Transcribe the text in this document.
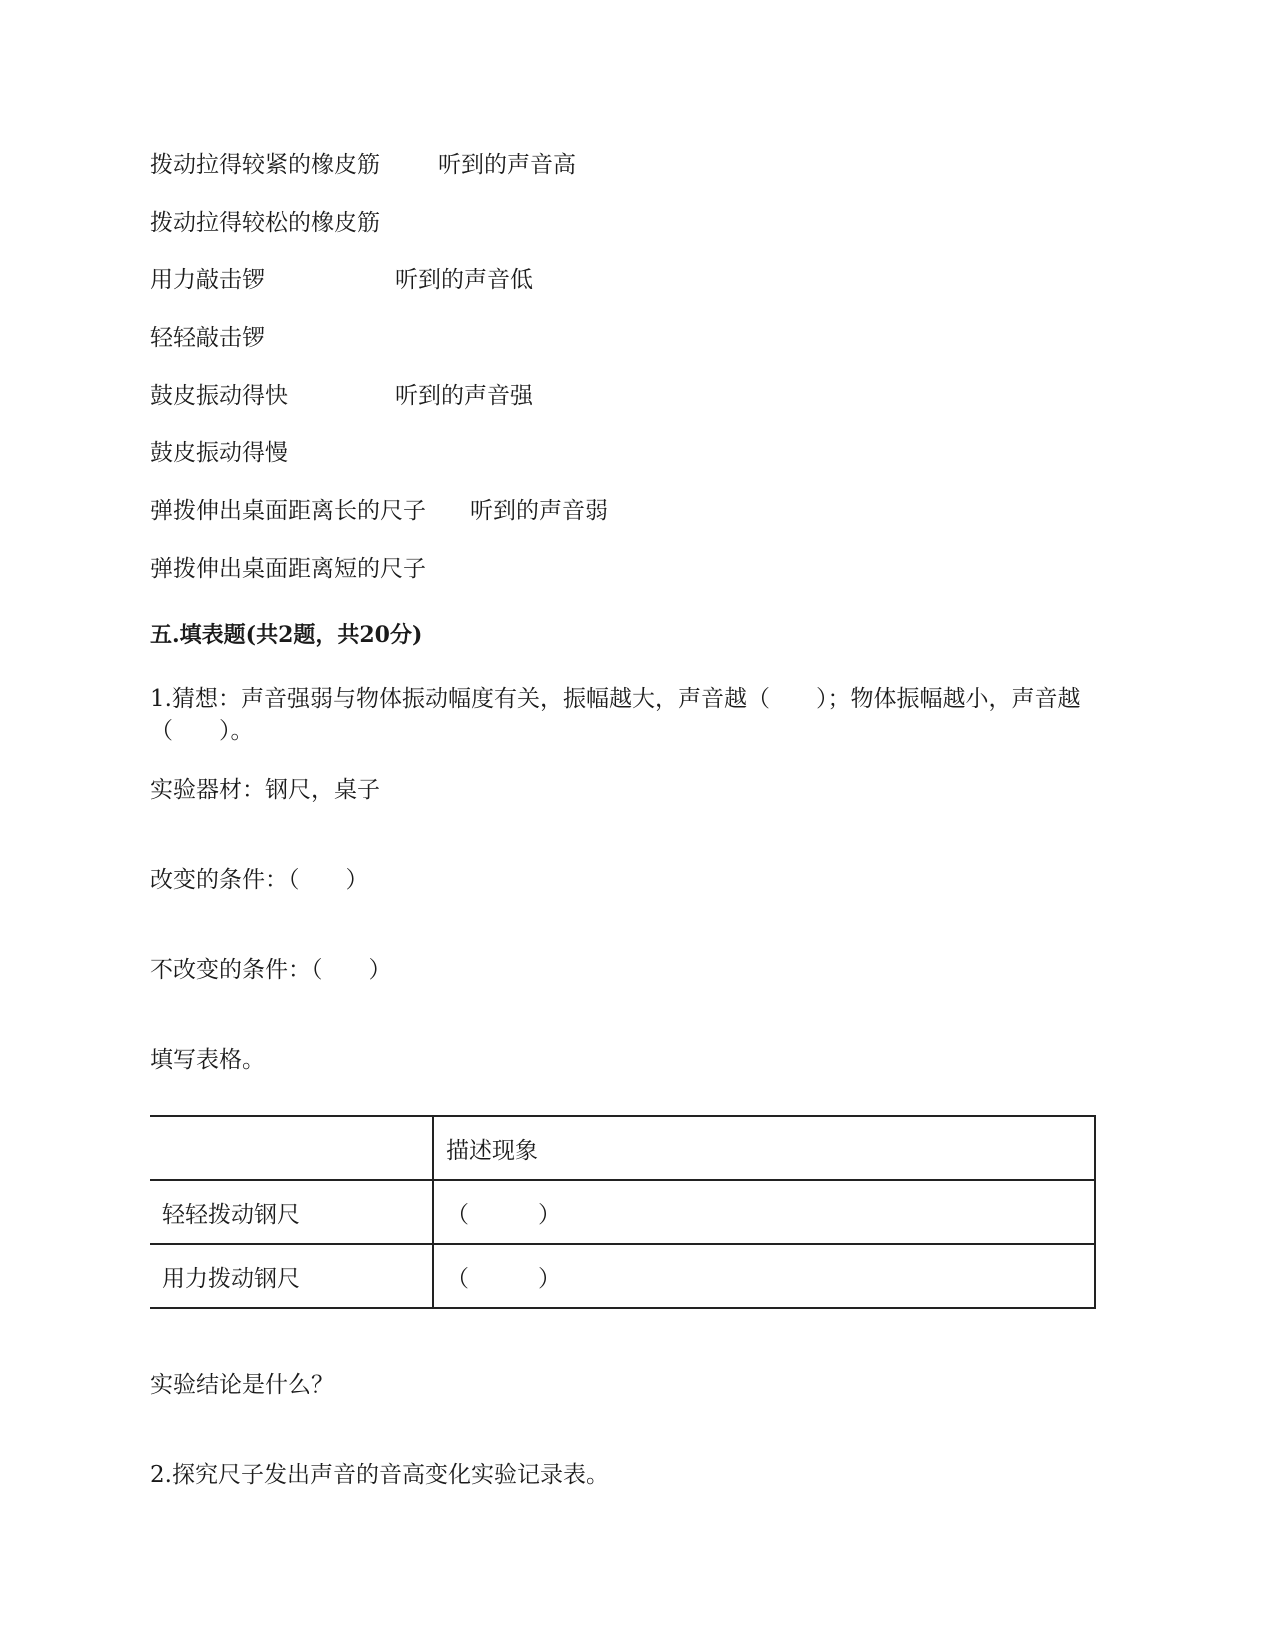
拨动拉得较紧的橡皮筋	听到的声音高
拨动拉得较松的橡皮筋
用力敲击锣	听到的声音低
轻轻敲击锣
鼓皮振动得快	听到的声音强
鼓皮振动得慢
弹拨伸出桌面距离长的尺子 听到的声音弱
弹拨伸出桌面距离短的尺子
五.填表题(共2题，共20分)
1.猜想：声音强弱与物体振动幅度有关，振幅越大，声音越（　　）；物体振幅越小，声音越（　　）。
实验器材：钢尺，桌子
改变的条件：（　　）
不改变的条件：（　　）
填写表格。
	描述现象
轻轻拨动钢尺	（　　　）
用力拨动钢尺	（　　　）
实验结论是什么？
2.探究尺子发出声音的音高变化实验记录表。
